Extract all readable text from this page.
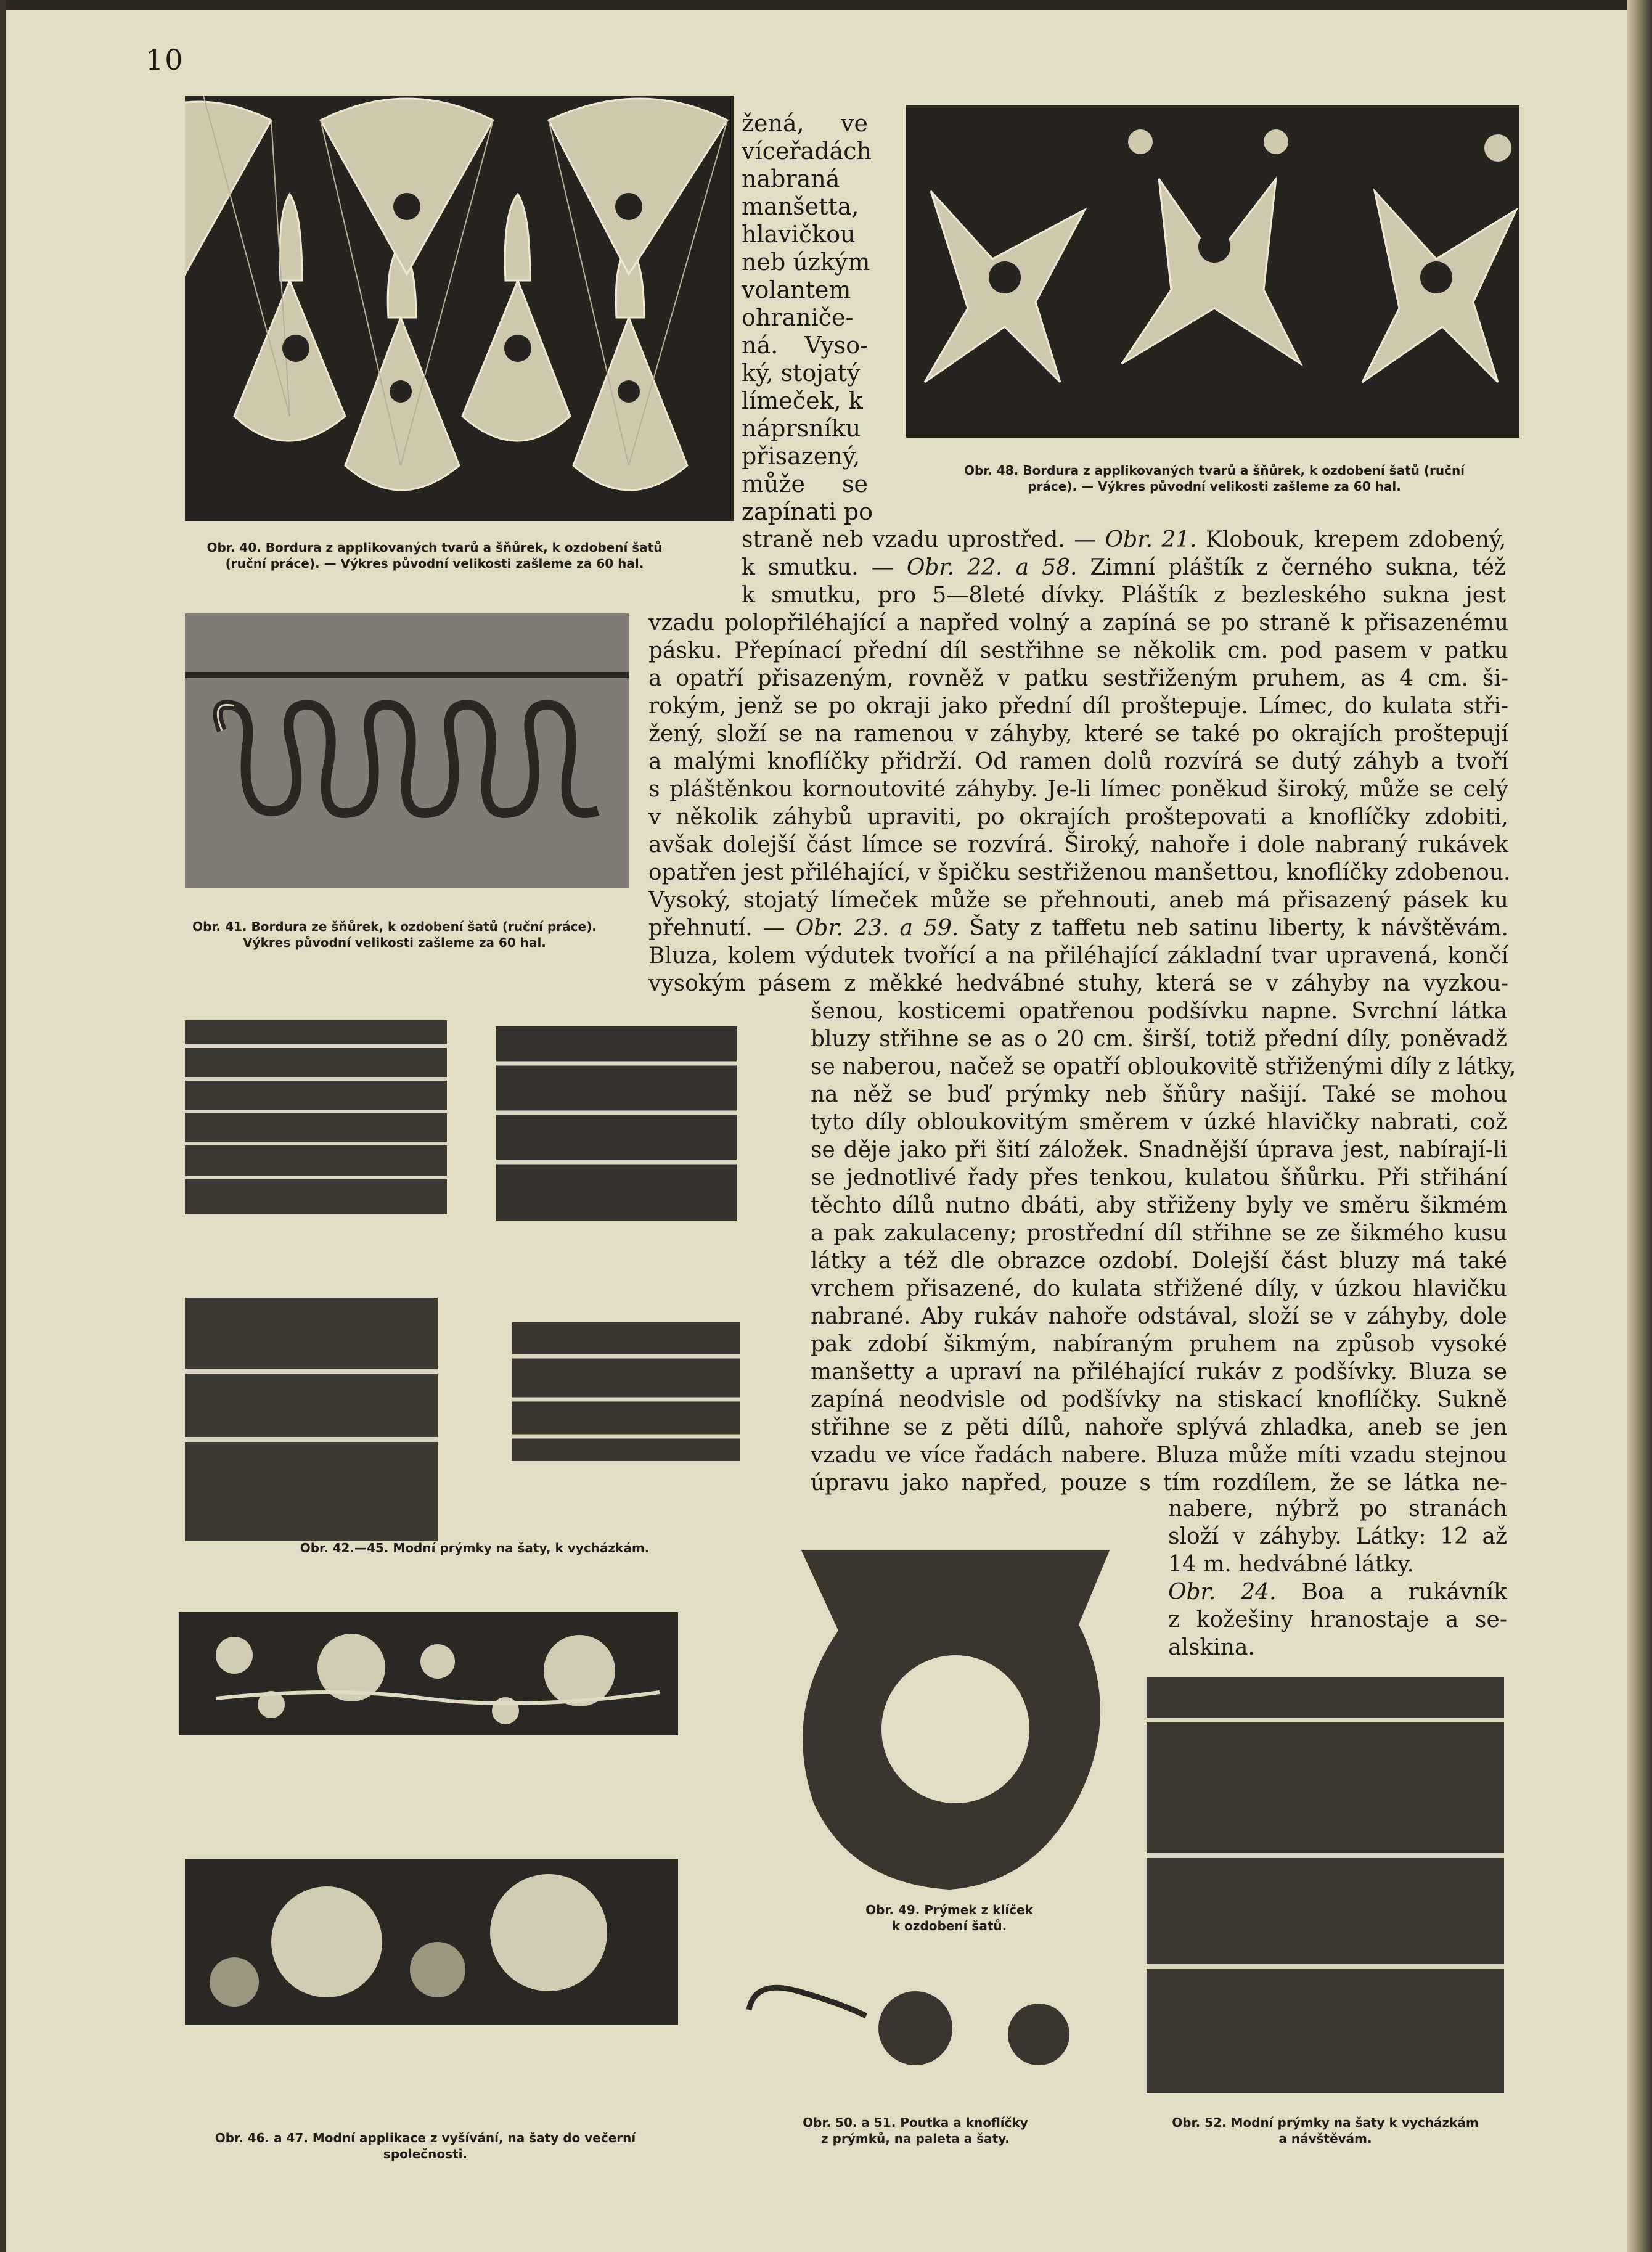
10
Obr. 40. Bordura z applikovaných tvarů a šňůrek, k ozdobení šatů
(ruční práce). — Výkres původní velikosti zašleme za 60 hal.
Obr. 41. Bordura ze šňůrek, k ozdobení šatů (ruční práce).
Výkres původní velikosti zašleme za 60 hal.
Obr. 42.—45. Modní prýmky na šaty, k vycházkám.
Obr. 46. a 47. Modní applikace z vyšívání, na šaty do večerní
společnosti.
Obr. 48. Bordura z applikovaných tvarů a šňůrek, k ozdobení šatů (ruční
práce). — Výkres původní velikosti zašleme za 60 hal.
Obr. 49. Prýmek z klíček
k ozdobení šatů.
Obr. 50. a 51. Poutka a knoflíčky
z prýmků, na paleta a šaty.
Obr. 52. Modní prýmky na šaty k vycházkám
a návštěvám.
žená, ve
víceřadách
nabraná
manšetta,
hlavičkou
neb úzkým
volantem
ohraniče-
ná. Vyso-
ký, stojatý
límeček, k
náprsníku
přisazený,
může se
zapínati po
straně neb vzadu uprostřed. — Obr. 21. Klobouk, krepem zdobený,
k smutku. — Obr. 22. a 58. Zimní pláštík z černého sukna, též
k smutku, pro 5—8leté dívky. Pláštík z bezleského sukna jest
vzadu polopřiléhající a napřed volný a zapíná se po straně k přisazenému
pásku. Přepínací přední díl sestřihne se několik cm. pod pasem v patku
a opatří přisazeným, rovněž v patku sestřiženým pruhem, as 4 cm. ši-
rokým, jenž se po okraji jako přední díl proštepuje. Límec, do kulata stři-
žený, složí se na ramenou v záhyby, které se také po okrajích proštepují
a malými knoflíčky přidrží. Od ramen dolů rozvírá se dutý záhyb a tvoří
s pláštěnkou kornoutovité záhyby. Je-li límec poněkud široký, může se celý
v několik záhybů upraviti, po okrajích proštepovati a knoflíčky zdobiti,
avšak dolejší část límce se rozvírá. Široký, nahoře i dole nabraný rukávek
opatřen jest přiléhající, v špičku sestřiženou manšettou, knoflíčky zdobenou.
Vysoký, stojatý límeček může se přehnouti, aneb má přisazený pásek ku
přehnutí. — Obr. 23. a 59. Šaty z taffetu neb satinu liberty, k návštěvám.
Bluza, kolem výdutek tvořící a na přiléhající základní tvar upravená, končí
vysokým pásem z měkké hedvábné stuhy, která se v záhyby na vyzkou-
šenou, kosticemi opatřenou podšívku napne. Svrchní látka
bluzy střihne se as o 20 cm. širší, totiž přední díly, poněvadž
se naberou, načež se opatří obloukovitě střiženými díly z látky,
na něž se buď prýmky neb šňůry našijí. Také se mohou
tyto díly obloukovitým směrem v úzké hlavičky nabrati, což
se děje jako při šití záložek. Snadnější úprava jest, nabírají-li
se jednotlivé řady přes tenkou, kulatou šňůrku. Při střihání
těchto dílů nutno dbáti, aby střiženy byly ve směru šikmém
a pak zakulaceny; prostřední díl střihne se ze šikmého kusu
látky a též dle obrazce ozdobí. Dolejší část bluzy má také
vrchem přisazené, do kulata střižené díly, v úzkou hlavičku
nabrané. Aby rukáv nahoře odstával, složí se v záhyby, dole
pak zdobí šikmým, nabíraným pruhem na způsob vysoké
manšetty a upraví na přiléhající rukáv z podšívky. Bluza se
zapíná neodvisle od podšívky na stiskací knoflíčky. Sukně
střihne se z pěti dílů, nahoře splývá zhladka, aneb se jen
vzadu ve více řadách nabere. Bluza může míti vzadu stejnou
úpravu jako napřed, pouze s tím rozdílem, že se látka ne-
nabere, nýbrž po stranách
složí v záhyby. Látky: 12 až
14 m. hedvábné látky.
Obr. 24. Boa a rukávník
z kožešiny hranostaje a se-
alskina.
